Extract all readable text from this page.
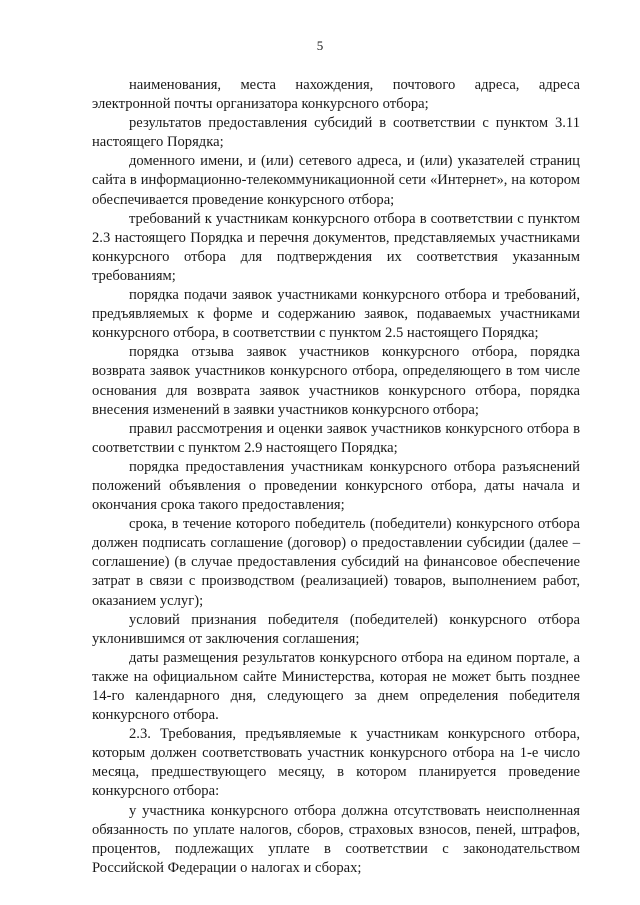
5

наименования, места нахождения, почтового адреса, адреса электронной почты организатора конкурсного отбора;

результатов предоставления субсидий в соответствии с пунктом 3.11 настоящего Порядка;

доменного имени, и (или) сетевого адреса, и (или) указателей страниц сайта в информационно-телекоммуникационной сети «Интернет», на котором обеспечивается проведение конкурсного отбора;

требований к участникам конкурсного отбора в соответствии с пунктом 2.3 настоящего Порядка и перечня документов, представляемых участниками конкурсного отбора для подтверждения их соответствия указанным требованиям;

порядка подачи заявок участниками конкурсного отбора и требований, предъявляемых к форме и содержанию заявок, подаваемых участниками конкурсного отбора, в соответствии с пунктом 2.5 настоящего Порядка;

порядка отзыва заявок участников конкурсного отбора, порядка возврата заявок участников конкурсного отбора, определяющего в том числе основания для возврата заявок участников конкурсного отбора, порядка внесения изменений в заявки участников конкурсного отбора;

правил рассмотрения и оценки заявок участников конкурсного отбора в соответствии с пунктом 2.9 настоящего Порядка;

порядка предоставления участникам конкурсного отбора разъяснений положений объявления о проведении конкурсного отбора, даты начала и окончания срока такого предоставления;

срока, в течение которого победитель (победители) конкурсного отбора должен подписать соглашение (договор) о предоставлении субсидии (далее – соглашение) (в случае предоставления субсидий на финансовое обеспечение затрат в связи с производством (реализацией) товаров, выполнением работ, оказанием услуг);

условий признания победителя (победителей) конкурсного отбора уклонившимся от заключения соглашения;

даты размещения результатов конкурсного отбора на едином портале, а также на официальном сайте Министерства, которая не может быть позднее 14-го календарного дня, следующего за днем определения победителя конкурсного отбора.

2.3. Требования, предъявляемые к участникам конкурсного отбора, которым должен соответствовать участник конкурсного отбора на 1-е число месяца, предшествующего месяцу, в котором планируется проведение конкурсного отбора:

у участника конкурсного отбора должна отсутствовать неисполненная обязанность по уплате налогов, сборов, страховых взносов, пеней, штрафов, процентов, подлежащих уплате в соответствии с законодательством Российской Федерации о налогах и сборах;
